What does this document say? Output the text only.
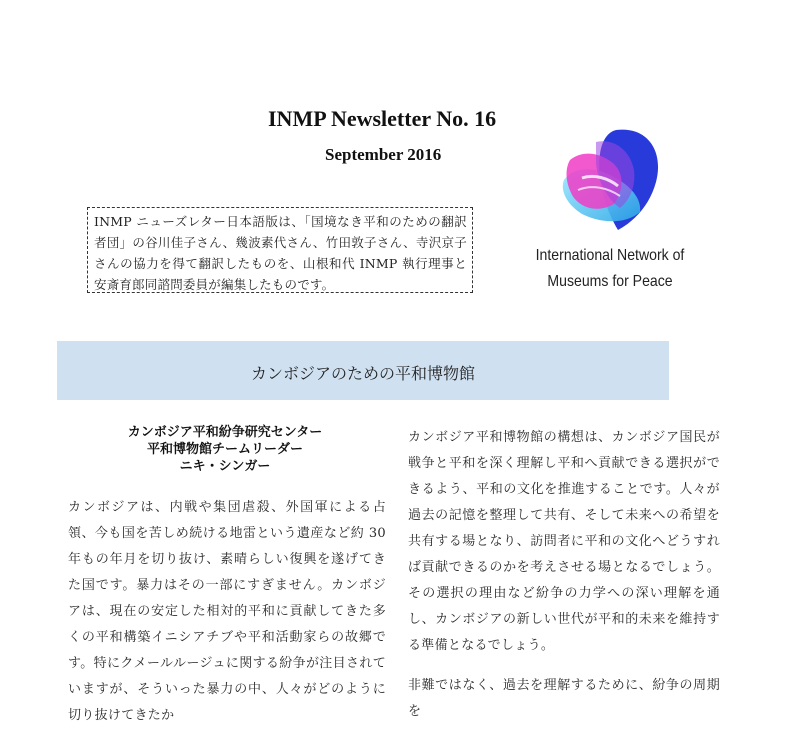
INMP Newsletter No. 16
September 2016

INMP ニューズレター日本語版は、「国境なき平和のための翻訳者団」の谷川佳子さん、幾波素代さん、竹田敦子さん、寺沢京子さんの協力を得て翻訳したものを、山根和代 INMP 執行理事と安斎育郎同諮問委員が編集したものです。

International Network of
Museums for Peace
カンボジアのための平和博物館
カンボジア平和紛争研究センター
平和博物館チームリーダー
ニキ・シンガー

カンボジアは、内戦や集団虐殺、外国軍による占領、今も国を苦しめ続ける地雷という遺産など約 30 年もの年月を切り抜け、素晴らしい復興を遂げてきた国です。暴力はその一部にすぎません。カンボジアは、現在の安定した相対的平和に貢献してきた多くの平和構築イニシアチブや平和活動家らの故郷です。特にクメールルージュに関する紛争が注目されていますが、そういった暴力の中、人々がどのように切り抜けてきたか

カンボジア平和博物館の構想は、カンボジア国民が戦争と平和を深く理解し平和へ貢献できる選択ができるよう、平和の文化を推進することです。人々が過去の記憶を整理して共有、そして未来への希望を共有する場となり、訪問者に平和の文化へどうすれば貢献できるのかを考えさせる場となるでしょう。その選択の理由など紛争の力学への深い理解を通し、カンボジアの新しい世代が平和的未来を維持する準備となるでしょう。

非難ではなく、過去を理解するために、紛争の周期を
